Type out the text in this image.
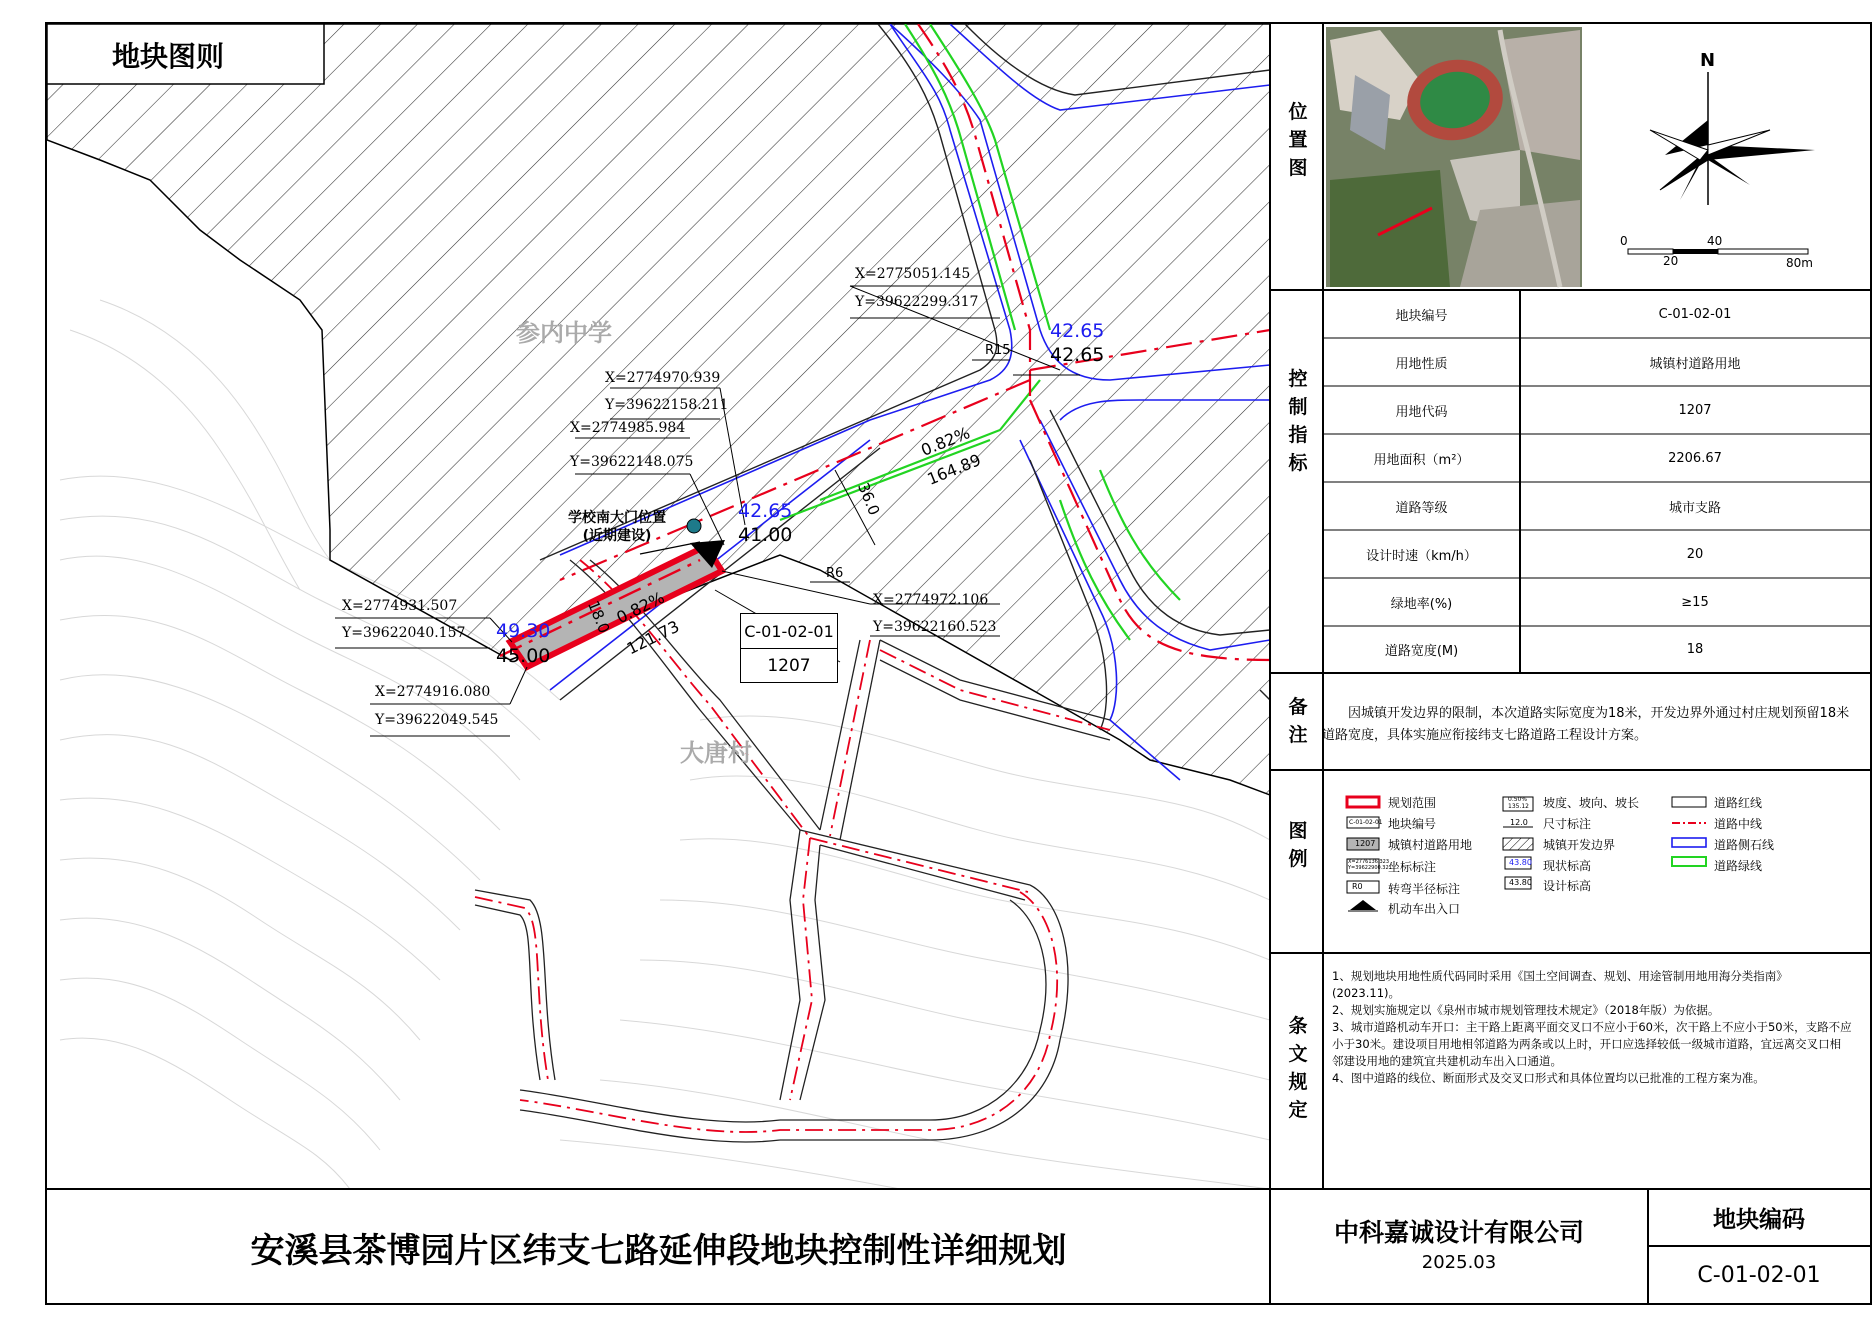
地块图则
参内中学
大唐村
学校南大门位置
(近期建设)
X=2775051.145
Y=39622299.317
X=2774970.939
Y=39622158.211
X=2774985.984
Y=39622148.075
X=2774931.507
Y=39622040.157
X=2774972.106
Y=39622160.523
X=2774916.080
Y=39622049.545
42.65
42.65
42.65
41.00
49.30
45.00
0.82%
164.89
0.82%
121.73
36.0
18.0
R15
R6
C-01-02-01
1207
位
置
图
控
制
指
标
备
注
图
例
条
文
规
定
N
0
20
40
80m
地块编号	C-01-02-01
用地性质	城镇村道路用地
用地代码	1207
用地面积（m²）	2206.67
道路等级	城市支路
设计时速（km/h）	20
绿地率(%)	≥15
道路宽度(M)	18
因城镇开发边界的限制，本次道路实际宽度为18米，开发边界外通过村庄规划预留18米道路宽度，具体实施应衔接纬支七路道路工程设计方案。
规划范围
地块编号
城镇村道路用地
坐标标注
转弯半径标注
机动车出入口
坡度、坡向、坡长
尺寸标注
城镇开发边界
现状标高
设计标高
道路红线
道路中线
道路侧石线
道路绿线
C-01-02-01
1207
X=2776136.323
Y=39622900.321
R0
0.50%
135.12
12.0
43.80
43.80
1、规划地块用地性质代码同时采用《国土空间调查、规划、用途管制用地用海分类指南》(2023.11)。
2、规划实施规定以《泉州市城市规划管理技术规定》（2018年版）为依据。
3、城市道路机动车开口：主干路上距离平面交叉口不应小于60米，次干路上不应小于50米，支路不应小于30米。建设项目用地相邻道路为两条或以上时，开口应选择较低一级城市道路，宜远离交叉口相邻建设用地的建筑宜共建机动车出入口通道。
4、图中道路的线位、断面形式及交叉口形式和具体位置均以已批准的工程方案为准。
安溪县茶博园片区纬支七路延伸段地块控制性详细规划	中科嘉诚设计有限公司
2025.03
地块编码
C-01-02-01
